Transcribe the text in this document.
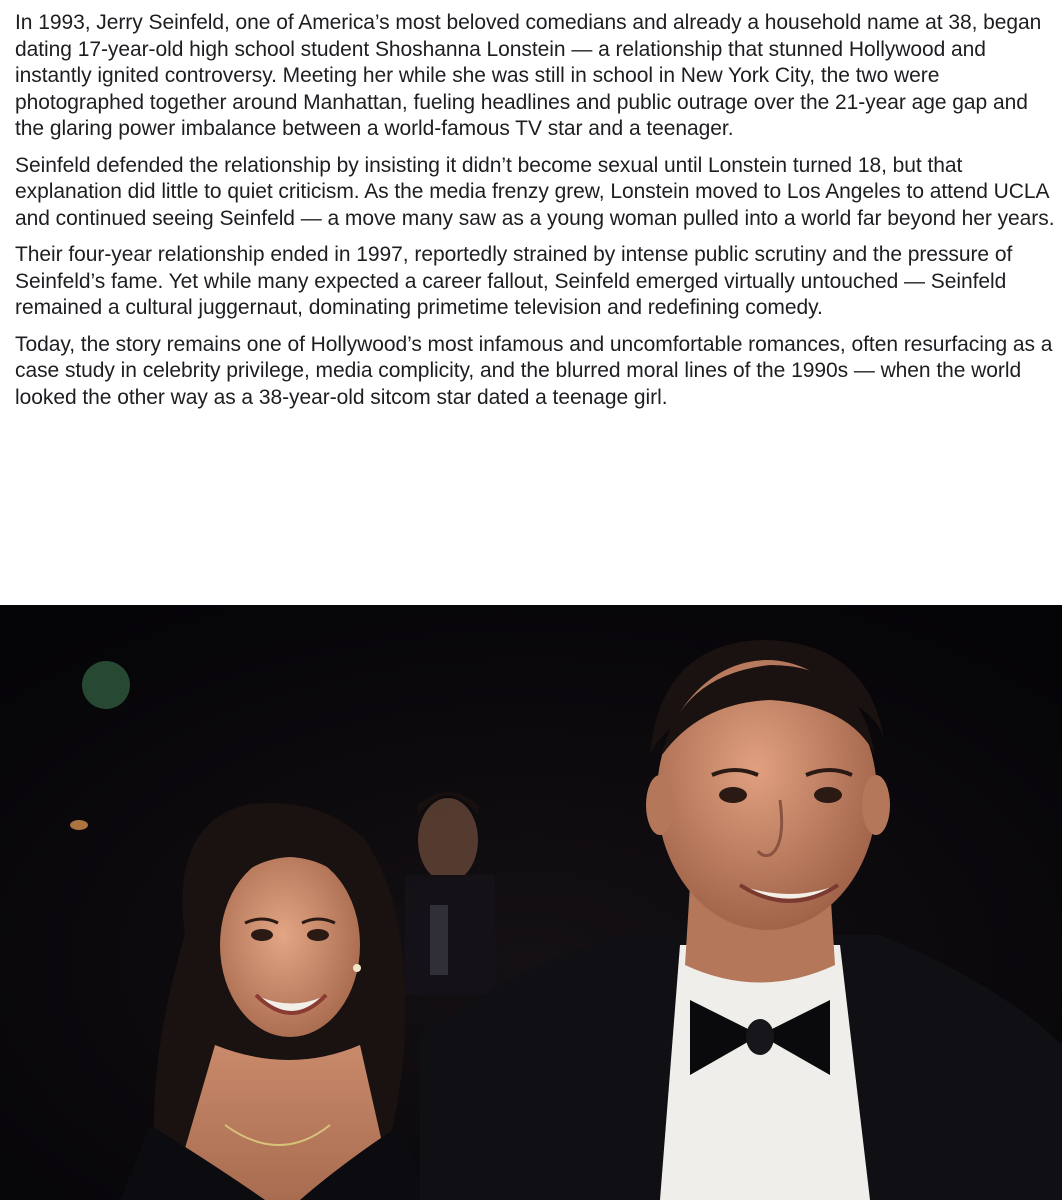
In 1993, Jerry Seinfeld, one of America’s most beloved comedians and already a household name at 38, began dating 17-year-old high school student Shoshanna Lonstein — a relationship that stunned Hollywood and instantly ignited controversy. Meeting her while she was still in school in New York City, the two were photographed together around Manhattan, fueling headlines and public outrage over the 21-year age gap and the glaring power imbalance between a world-famous TV star and a teenager.

Seinfeld defended the relationship by insisting it didn’t become sexual until Lonstein turned 18, but that explanation did little to quiet criticism. As the media frenzy grew, Lonstein moved to Los Angeles to attend UCLA and continued seeing Seinfeld — a move many saw as a young woman pulled into a world far beyond her years.

Their four-year relationship ended in 1997, reportedly strained by intense public scrutiny and the pressure of Seinfeld’s fame. Yet while many expected a career fallout, Seinfeld emerged virtually untouched — Seinfeld remained a cultural juggernaut, dominating primetime television and redefining comedy.

Today, the story remains one of Hollywood’s most infamous and uncomfortable romances, often resurfacing as a case study in celebrity privilege, media complicity, and the blurred moral lines of the 1990s — when the world looked the other way as a 38-year-old sitcom star dated a teenage girl.
